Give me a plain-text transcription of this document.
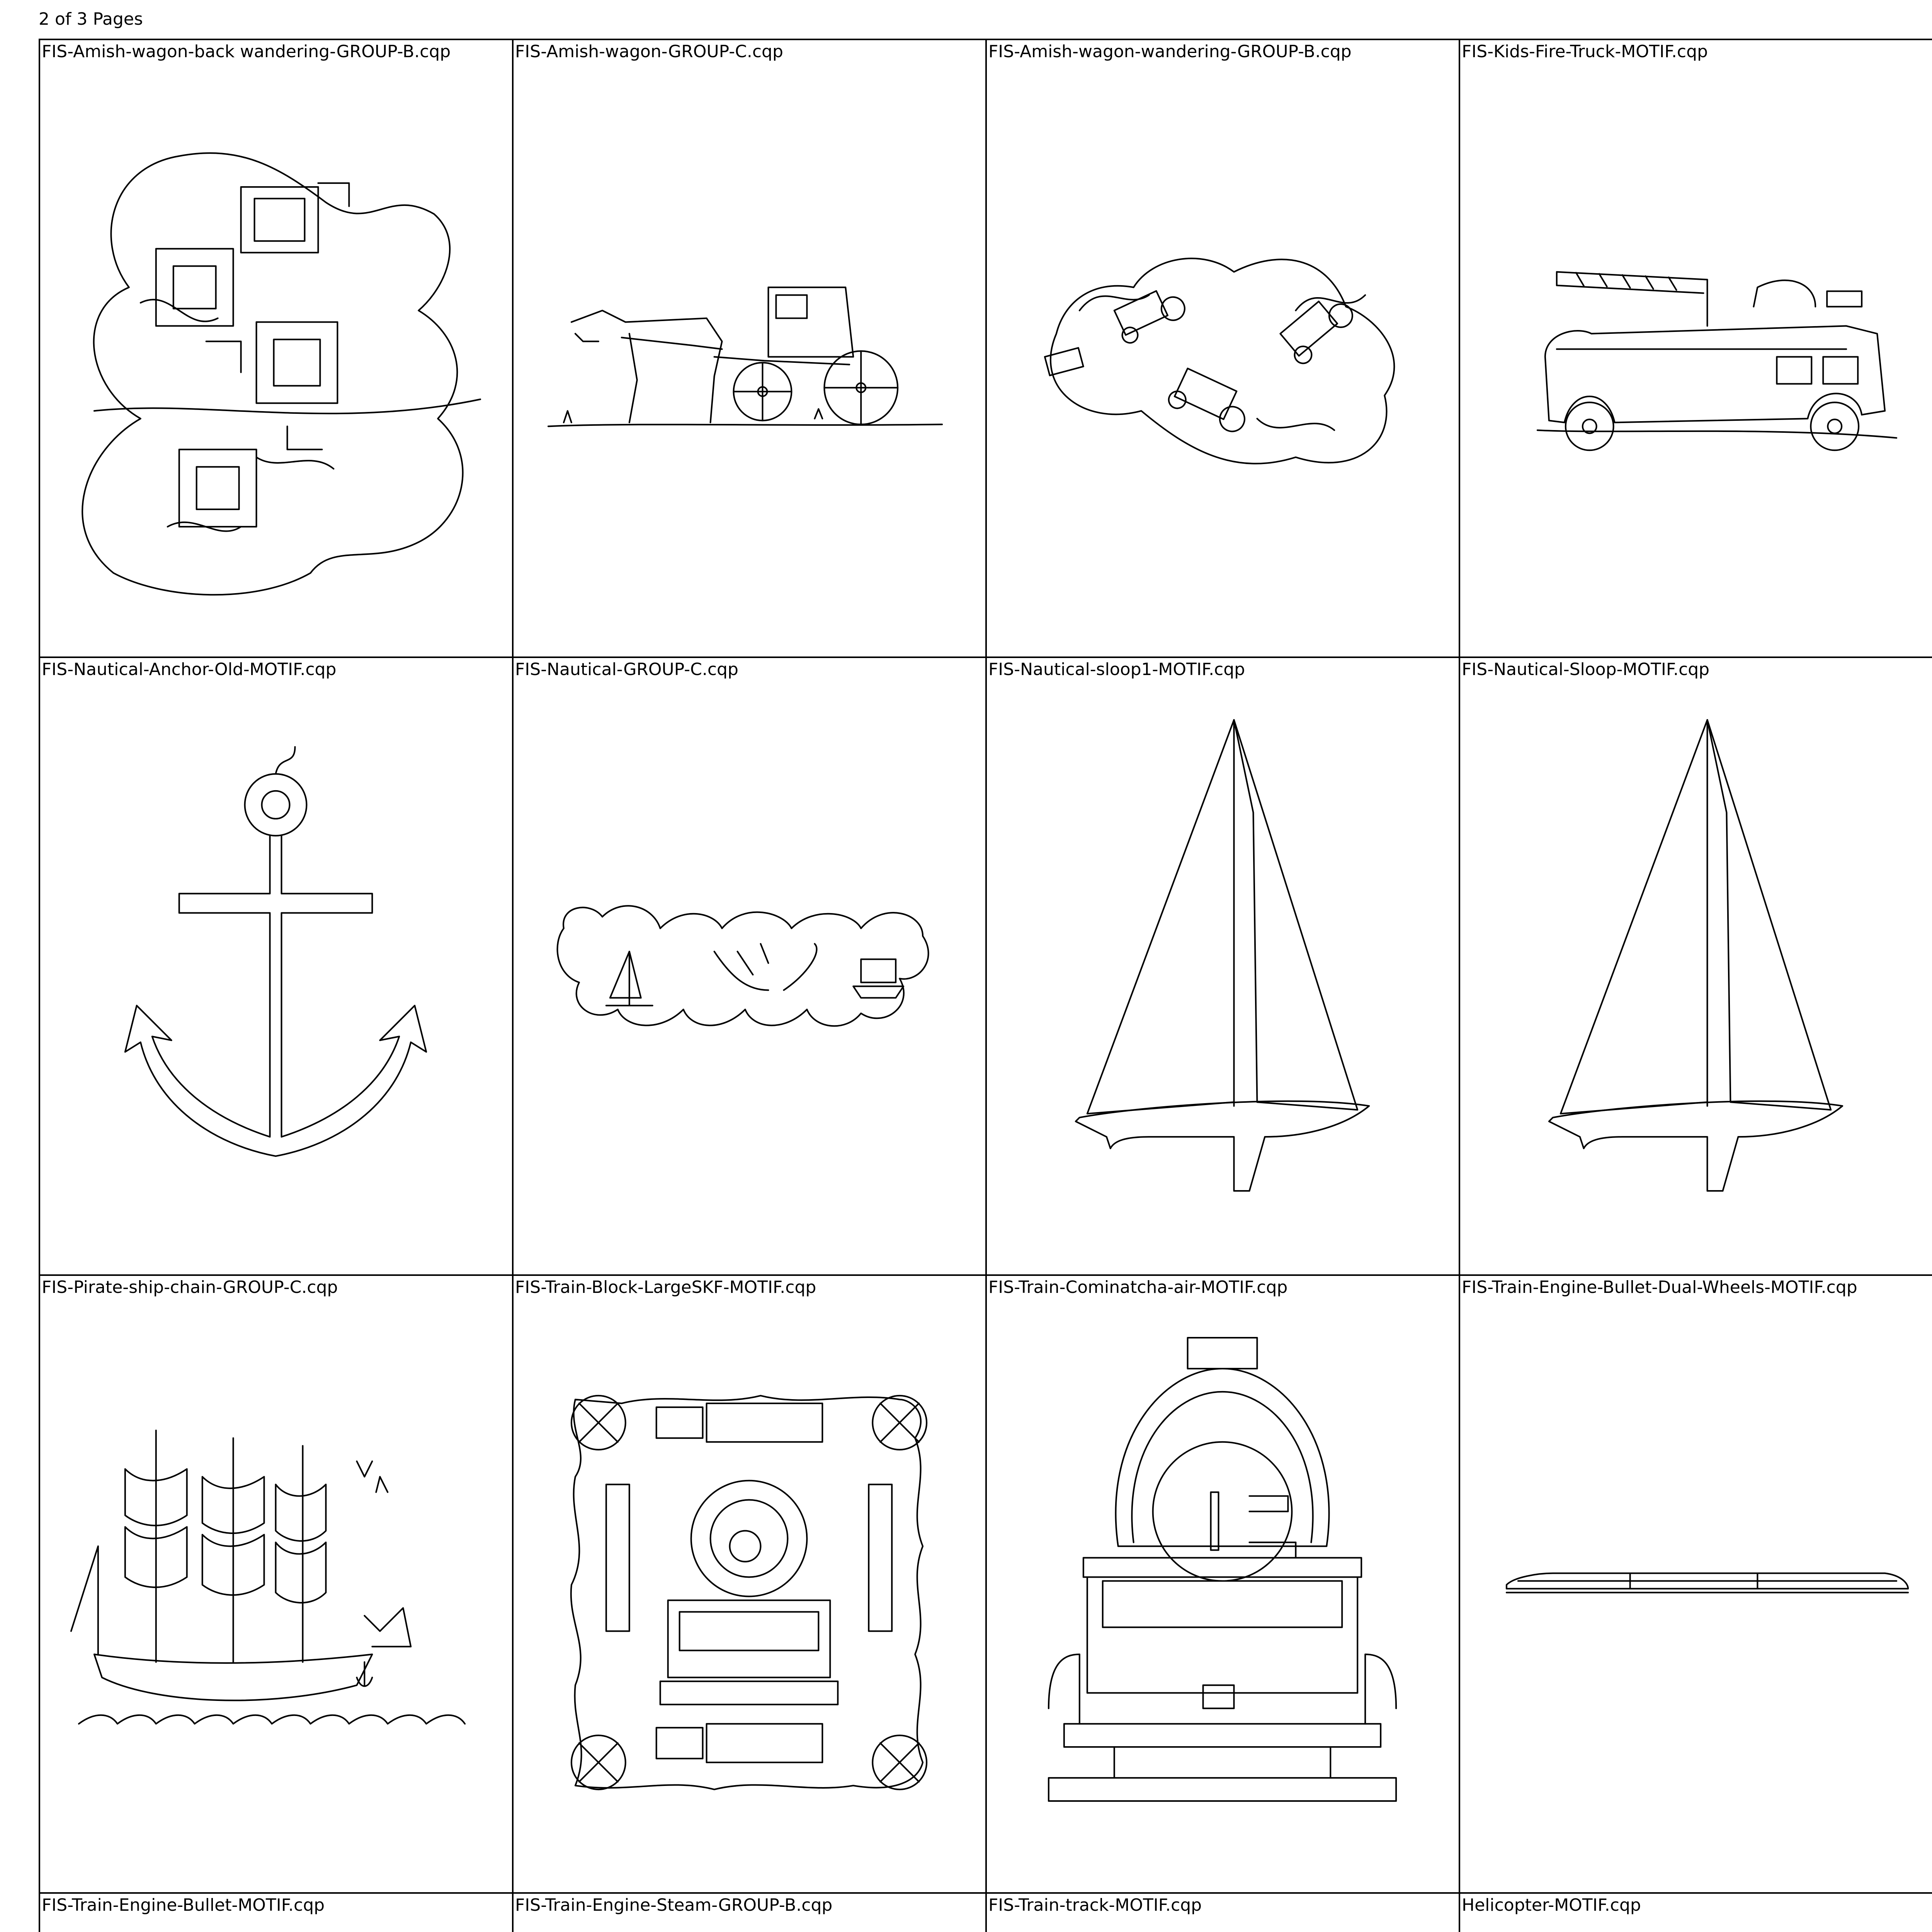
2 of 3 Pages
FIS-Amish-wagon-back wandering-GROUP-B.cqp	FIS-Amish-wagon-GROUP-C.cqp	FIS-Amish-wagon-wandering-GROUP-B.cqp	FIS-Kids-Fire-Truck-MOTIF.cqp
FIS-Nautical-Anchor-Old-MOTIF.cqp	FIS-Nautical-GROUP-C.cqp	FIS-Nautical-sloop1-MOTIF.cqp	FIS-Nautical-Sloop-MOTIF.cqp
FIS-Pirate-ship-chain-GROUP-C.cqp	FIS-Train-Block-LargeSKF-MOTIF.cqp	FIS-Train-Cominatcha-air-MOTIF.cqp	FIS-Train-Engine-Bullet-Dual-Wheels-MOTIF.cqp
FIS-Train-Engine-Bullet-MOTIF.cqp	FIS-Train-Engine-Steam-GROUP-B.cqp	FIS-Train-track-MOTIF.cqp	Helicopter-MOTIF.cqp
